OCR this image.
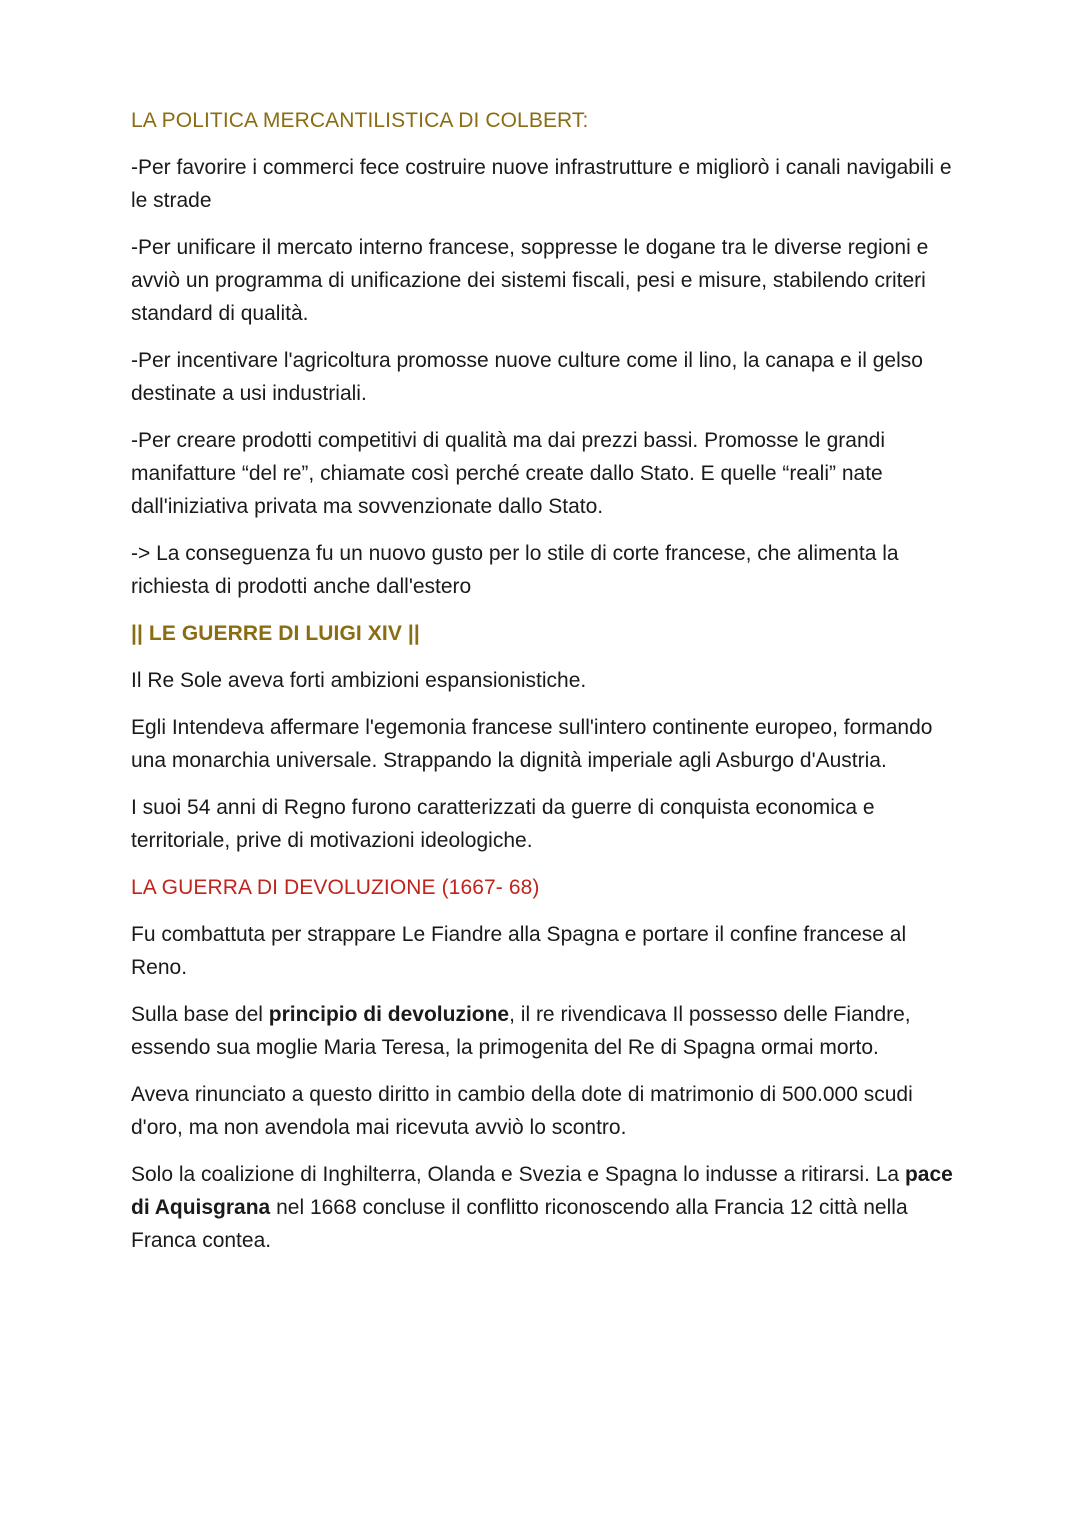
LA POLITICA MERCANTILISTICA DI COLBERT:

-Per favorire i commerci fece costruire nuove infrastrutture e migliorò i canali navigabili e le strade

-Per unificare il mercato interno francese, soppresse le dogane tra le diverse regioni e avviò un programma di unificazione dei sistemi fiscali, pesi e misure, stabilendo criteri standard di qualità.

-Per incentivare l'agricoltura promosse nuove culture come il lino, la canapa e il gelso destinate a usi industriali.

-Per creare prodotti competitivi di qualità ma dai prezzi bassi. Promosse le grandi manifatture “del re”, chiamate così perché create dallo Stato. E quelle “reali” nate dall'iniziativa privata ma sovvenzionate dallo Stato.

-> La conseguenza fu un nuovo gusto per lo stile di corte francese, che alimenta la richiesta di prodotti anche dall'estero

|| LE GUERRE DI LUIGI XIV ||

Il Re Sole aveva forti ambizioni espansionistiche.

Egli Intendeva affermare l'egemonia francese sull'intero continente europeo, formando una monarchia universale. Strappando la dignità imperiale agli Asburgo d'Austria.

I suoi 54 anni di Regno furono caratterizzati da guerre di conquista economica e territoriale, prive di motivazioni ideologiche.

LA GUERRA DI DEVOLUZIONE (1667- 68)

Fu combattuta per strappare Le Fiandre alla Spagna e portare il confine francese al Reno.

Sulla base del principio di devoluzione, il re rivendicava Il possesso delle Fiandre, essendo sua moglie Maria Teresa, la primogenita del Re di Spagna ormai morto.

Aveva rinunciato a questo diritto in cambio della dote di matrimonio di 500.000 scudi d'oro, ma non avendola mai ricevuta avviò lo scontro.

Solo la coalizione di Inghilterra, Olanda e Svezia e Spagna lo indusse a ritirarsi. La pace di Aquisgrana nel 1668 concluse il conflitto riconoscendo alla Francia 12 città nella Franca contea.
